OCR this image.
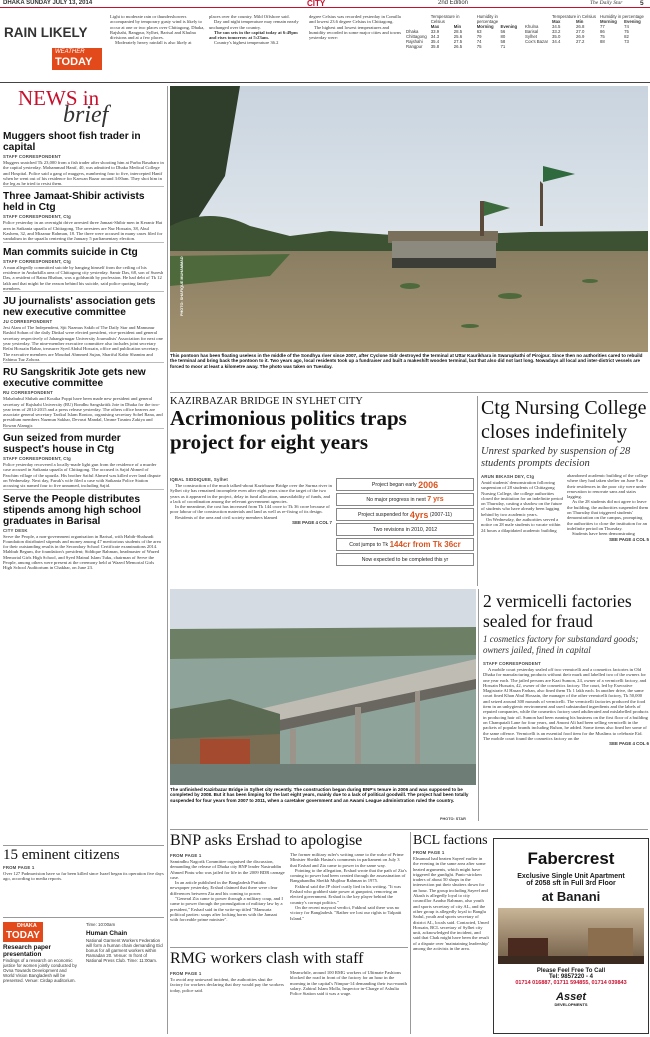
DHAKA SUNDAY JULY 13, 2014	CITY	2nd Edition	The Daily Star	5
RAIN LIKELY
WEATHER
TODAY

Light to moderate rain or thundershowers accompanied by temporary gusty wind is likely to occur at one or two places over Chittagong, Dhaka, Rajshahi, Rangpur, Sylhet, Barisal and Khulna divisions and at a few places.

Moderately heavy rainfall is also likely at

places over the country. Mild Offshore said.

Day and night temperature may remain nearly unchanged over the country.

The sun sets in the capital today at 6:49pm and rises tomorrow at 5:23am.

Country's highest temperature 36.2

degree Celsius was recorded yesterday in Comilla and lowest 23.6 degree Celsius in Chittagong.

The highest and lowest temperatures and humidity recorded in some major cities and towns yesterday were:

	Temperature in Celsius		Humidity in percentage	
	Max	Min	Morning	Evening
Dhaka	33.9	28.5	63	56
Chittagong	34.3	25.6	79	80
Rajshahi	35.4	27.5	74	58
Rangpur	35.8	26.5	75	71
	Temperature in Celsius		Humidity in percentage	
	Max	Min	Morning	Evening
Khulna	34.5	26.8	77	74
Barisal	33.2	27.0	86	75
Sylhet	35.0	26.9	75	82
Cox's Bazar	34.4	27.2	88	73
NEWS in
brief
Muggers shoot fish trader in capital
STAFF CORRESPONDENT

Muggers snatched Tk 23,000 from a fish trader after shooting him at Purba Basabaro in the capital yesterday. Mohammad Hanif, 40, was admitted to Dhaka Medical College and Hospital. Police said a gang of muggers, numbering four to five, intercepted Hanif when he went out of his residence for Karwan Bazar around 3:00am. They shot him in the leg as he tried to resist them.

Three Jamaat-Shibir activists held in Ctg
STAFF CORRESPONDENT, Ctg

Police yesterday in an overnight drive arrested three Jamaat-Shibir men in Keranir Hat area in Satkania upazila of Chittagong. The arrestees are Nur Hossain, 38, Abul Kashem, 32, and Mizanur Rahman, 18. The three were accused in many cases filed for vandalism in the upazila centering the January 5 parliamentary election.

Man commits suicide in Ctg
STAFF CORRESPONDENT, Ctg

A man allegedly committed suicide by hanging himself from the ceiling of his residence in Andarkilla area of Chittagong city yesterday. Samir Das, 68, son of Suresh Das, a resident of Ratna Bhaban, was a goldsmith by profession. He had debt of Tk 12 lakh and that might be the reason behind his suicide, said police quoting family members.

JU journalists' association gets new executive committee
JU CORRESPONDENT

Jesi Alam of The Independent, Sjit Nazmus Sakib of The Daily Star and Mamunur Rashid Sohan of the daily Dinkal were elected president, vice-president and general secretary respectively of Jahangirnagar University Journalists' Association for next one year yesterday. The nine-member executive committee also includes joint secretary Refat Hossain Babar, treasurer Syed Abdul Hossain, office and publication secretary. The executive members are Moudud Ahmmed Sujan, Shariful Kabir Shamim and Fahima Tuz Zohora.

RU Sangskritik Jote gets new executive committee
RU CORRESPONDENT

Mahabubul Shihab and Kouika Poppi have been made new president and general secretary of Rajshahi University (RU) Bondhu Sangskritik Jote in Dhaka for the two-year term of 2014-2015 and a press release yesterday. The others office bearers are associate general secretary Tarikul Islam Rontoo, organising secretary Sohel Rana, and presidium members Nazmun Sakhar, Devasri Mandal, Umme Tasnim Zakiya and Rowan Alamgir.

Gun seized from murder suspect's house in Ctg
STAFF CORRESPONDENT, Ctg

Police yesterday recovered a locally-made light gun from the residence of a murder case accused in Satkania upazila of Chittagong. The accused is Sajid Ahmed of Paschim village of the upazila. His brother Saiful Ahmed was killed over land dispute on Wednesday. Next day, Faruk's wife filed a case with Satkania Police Station accusing six named four to five unnamed, including Sajid.

Serve the People distributes stipends among high school graduates in Barisal
CITY DESK

Serve the People, a non-government organisation in Barisal, with Habib-Shahzadi Foundation distributed stipends and money among 47 meritorious students of the area for their outstanding results in the Secondary School Certificate examinations 2014. Mahbub Begum, the foundation's president; Siddique Rahman, headmaster of Wazed Memorial Girls High School, and Syed Mainul Islam Tuku, chairman of Serve the People, among others were present at the ceremony held at Wazed Memorial Girls High School Auditorium in Chakhar, on June 23.

15 eminent citizens
FROM PAGE 1

Over 127 Padmavision have so far been killed since Israel began its operation five days ago, according to media reports.

DHAKA
TODAY
Research paper presentation

Findings of a research on economic justice for women jointly conducted by Ovna Towards Development and World Vision Bangladesh will be presented. Venue: Cirdap auditorium.

Time: 10:00am
Human Chain

National Garment Workers Federation will form a human chain demanding Eid bonus for all garment workers within Ramadan 20. Venue: In front of National Press Club. Time: 11:00am.

PHOTO: SHAFIQUE MUHAMMAD
This pontoon has been floating useless in the middle of the Sondhya river since 2007, after Cyclone Sidr destroyed the terminal at Uttar Kaurikhara in Swarupkathi of Pirojpur. Since then no authorities cared to rebuild the terminal and bring back the pontoon to it. Two years ago, local residents took up a fundraiser and built a makeshift wooden terminal, but that also did not last long. Nowadays all local and inter-district vessels are forced to moor at least a kilometre away. The photo was taken on Tuesday.
KAZIRBAZAR BRIDGE IN SYLHET CITY
Acrimonious politics traps project for eight years
IQBAL SIDDIQUEE, Sylhet

The construction of the much talked-about Kazirbazar Bridge over the Surma river in Sylhet city has remained incomplete even after eight years since the target of the two years as it appeared in the project, delay in fund allocation, unavailability of funds, and a lack of coordination among the relevant government agencies.

In the meantime, the cost has increased from Tk 144 crore to Tk 36 crore because of poor labour of the construction materials and land as well as re-fixing of its design.

Residents of the area and civil society members blamed

SEE PAGE 4 COL 7
Project began early
2006
No major progress in next
7 yrs
Project suspended for
4yrs
(2007-11)
Two revisions in 2010, 2012
Cost jumps to Tk
144cr from Tk 36cr
Now expected to be completed this yr
Ctg Nursing College closes indefinitely
Unrest sparked by suspension of 28 students prompts decision
ARUN BIKASH DEY, Ctg

Amid students' demonstration following suspension of 28 students of Chittagong Nursing College, the college authorities closed the institution for an indefinite period on Thursday, casting a shadow on the future of students who have already been lagging behind by two academic years.

On Wednesday, the authorities served a notice on 28 male students to vacate within 24 hours a dilapidated academic building

abandoned academic building of the college where they had taken shelter on June 9 as their residences in the poor city were under renovation to renovate sans and stairs lagging.

As the 28 students did not agree to leave the building, the authorities suspended them on Thursday that triggered students' demonstration on the campus, prompting the authorities to close the institution for an indefinite period on Thursday.

Students have been demonstrating

SEE PAGE 4 COL 5
The unfinished Kazirbazar Bridge in Sylhet city recently. The construction began during BNP's tenure in 2006 and was supposed to be completed by 2008. But it has been limping for the last eight years, mainly due to a lack of political goodwill. The project had been totally suspended for four years from 2007 to 2011, when a caretaker government and an Awami League administration ruled the country.
PHOTO: STAR
2 vermicelli factories sealed for fraud
1 cosmetics factory for substandard goods; owners jailed, fined in capital
STAFF CORRESPONDENT

A mobile court yesterday sealed off two vermicelli and a cosmetics factories in Old Dhaka for manufacturing products without their mark and labelled two of the owners for one year each. The jailed persons are Kazi Sumon, 24, owner of a vermicelli factory, and Hossain Hussain, 42, owner of the cosmetics factory. The court, led by Executive Magistrate Al Hasan Farhan, also fined them Tk 1 lakh each. In another drive, the same court fined Khan Abul Hossain, the manager of the other vermicelli factory, Tk 50,000 and seized around 300 mounds of vermicelli. The vermicelli factories produced the food item in an unhygienic environment and used substandard ingredients and the labels of reputed companies, while the cosmetics factory used adulterated and mislabelled products in producing hair oil. Sumon had been running his business on the first floor of a building on Champatali Lane for four years, and Amont Ali had been selling vermicelli in the packets of popular brands including Ruhon, he added. Some items also fined her some of the same offence. Vermicelli is an essential food item for the Muslims to celebrate Eid. The mobile court found the cosmetics factory on the

SEE PAGE 4 COL 6
BNP asks Ershad to apologise
FROM PAGE 1

Samindhu Nagorik Committee organised the discussion, demanding the release of Dhaka city BNP leader Nasiruddin Ahmed Pintu who was jailed for life in the 2009 BDR carnage case.

In an article published in the Bangladesh Pratidin newspaper yesterday, Ershad claimed that there were clear differences between Zia and his coming to power.

"General Zia came to power through a military coup, and I came to power through the promulgation of military law by a president," Ershad said in the write-up titled "Mansuria political parties: soaps after locking horns with the Jamaat with forceable prime minister".

The former military ruler's writing came to the wake of Prime Minister Sheikh Hasina's comments in parliament on July 3 that Ershad and Zia came to power in the same way.

Pointing to the allegation, Ershad wrote that the path of Zia's coming to power had been created through the assassination of Bangabandhu Sheikh Mujibur Rahman in 1975.

Fakhrul said the JP chief curtly lied in his writing. "It was Ershad who grabbed state power at gunpoint, removing an elected government. Ershad is the key player behind the country's corrupt politics."

On the recent mayoral verdict, Fakhrul said there was no victory for Bangladesh. "Rather we lost our rights to Talpatti Island."

RMG workers clash with staff
FROM PAGE 1

To avoid any untoward incident, the authorities shut the factory for workers declaring that they would pay the workers today, police said.

Meanwhile, around 100 RMG workers of Ultimate Fashions blocked the road in front of the factory for an hour in the morning in the capital's Nimpur-14 demanding their two-month salary. Zahirul Islam Molla, Inspector in-Charge of Ashulia Police Station said it was a wage.

BCL factions
FROM PAGE 1

Ehsanuul had beaten Sayeef earlier in the evening in the same area after some heated arguments, which might have triggered the gunfight. Panic-stricken traders of about 50 shops in the intersection put their shutters down for an hour. The group including Sayeef and Akash is allegedly loyal to city councillor Azadur Rahman, also youth and sports secretary of city AL, and the other group is allegedly loyal to Banglu Sadul, youth and sports secretary of district AL, locals said. Contacted, Umed Hossain, BCL secretary of Sylhet city unit, acknowledged the incident, and said that Chak might have been the result of a dispute over 'maintaining leadership' among the activists in the area.

Fabercrest
Exclusive Single Unit Apartment
of 2058 sft in Full 3rd Floor
at Banani
Please Feel Free To Call
Tel: 9857220 - 4
01714 016887, 01711 594855, 01714 039843
Asset
DEVELOPMENTS
